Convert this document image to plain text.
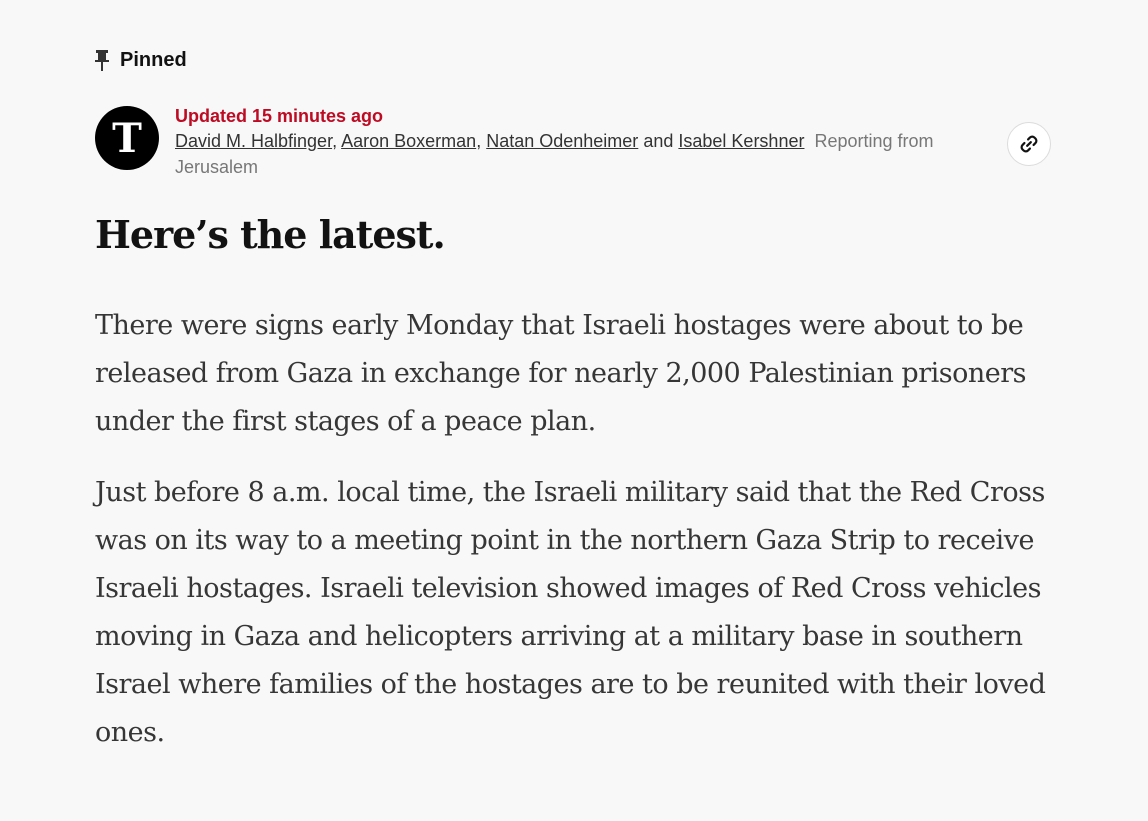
Pinned
T Updated 15 minutes ago
David M. Halbfinger, Aaron Boxerman, Natan Odenheimer and Isabel Kershner Reporting from Jerusalem
Here’s the latest.

There were signs early Monday that Israeli hostages were about to be released from Gaza in exchange for nearly 2,000 Palestinian prisoners under the first stages of a peace plan.

Just before 8 a.m. local time, the Israeli military said that the Red Cross was on its way to a meeting point in the northern Gaza Strip to receive Israeli hostages. Israeli television showed images of Red Cross vehicles moving in Gaza and helicopters arriving at a military base in southern Israel where families of the hostages are to be reunited with their loved ones.
